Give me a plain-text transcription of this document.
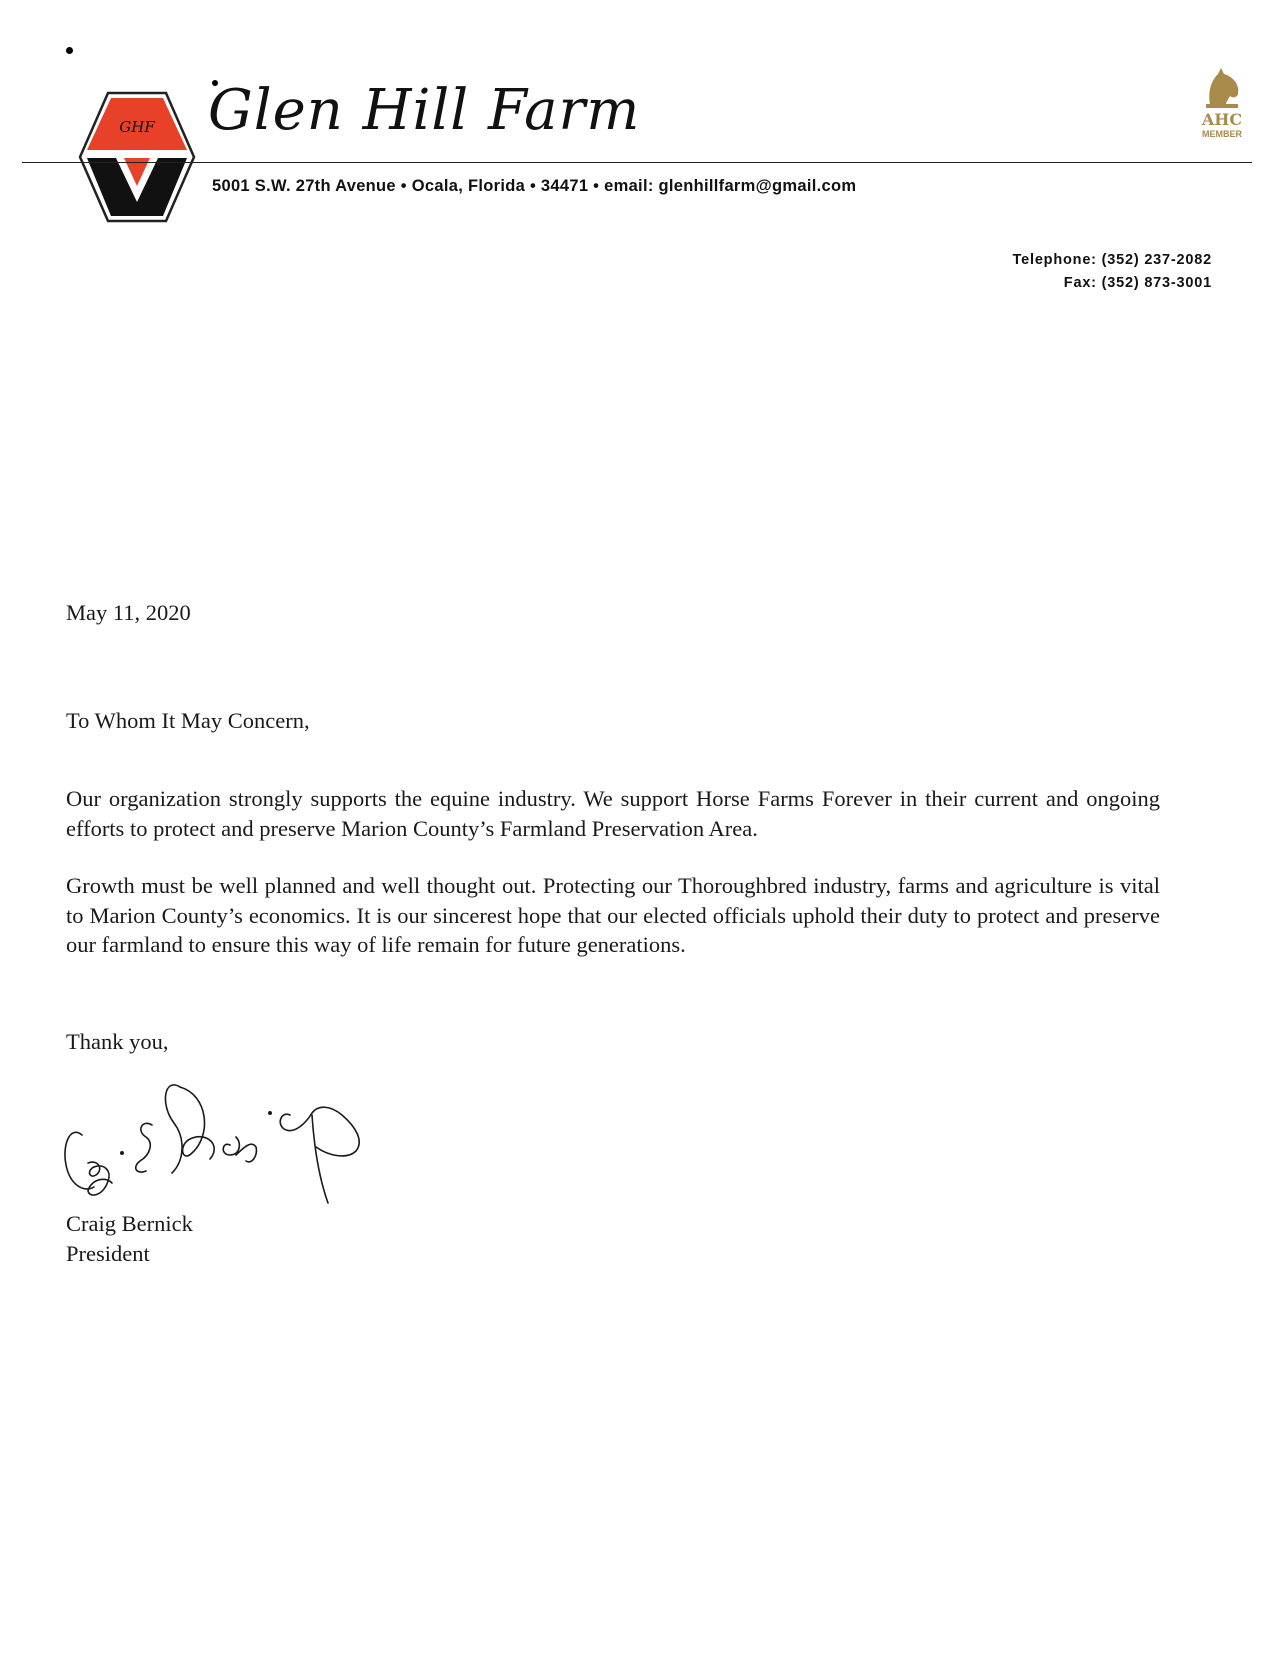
GHF Glen Hill Farm
5001 S.W. 27th Avenue • Ocala, Florida • 34471 • email: glenhillfarm@gmail.com
AHC
MEMBER
Telephone: (352) 237-2082
Fax: (352) 873-3001
May 11, 2020
To Whom It May Concern,
Our organization strongly supports the equine industry. We support Horse Farms Forever in their current and ongoing efforts to protect and preserve Marion County’s Farmland Preservation Area.
Growth must be well planned and well thought out. Protecting our Thoroughbred industry, farms and agriculture is vital to Marion County’s economics. It is our sincerest hope that our elected officials uphold their duty to protect and preserve our farmland to ensure this way of life remain for future generations.
Thank you,
Craig Bernick
President
